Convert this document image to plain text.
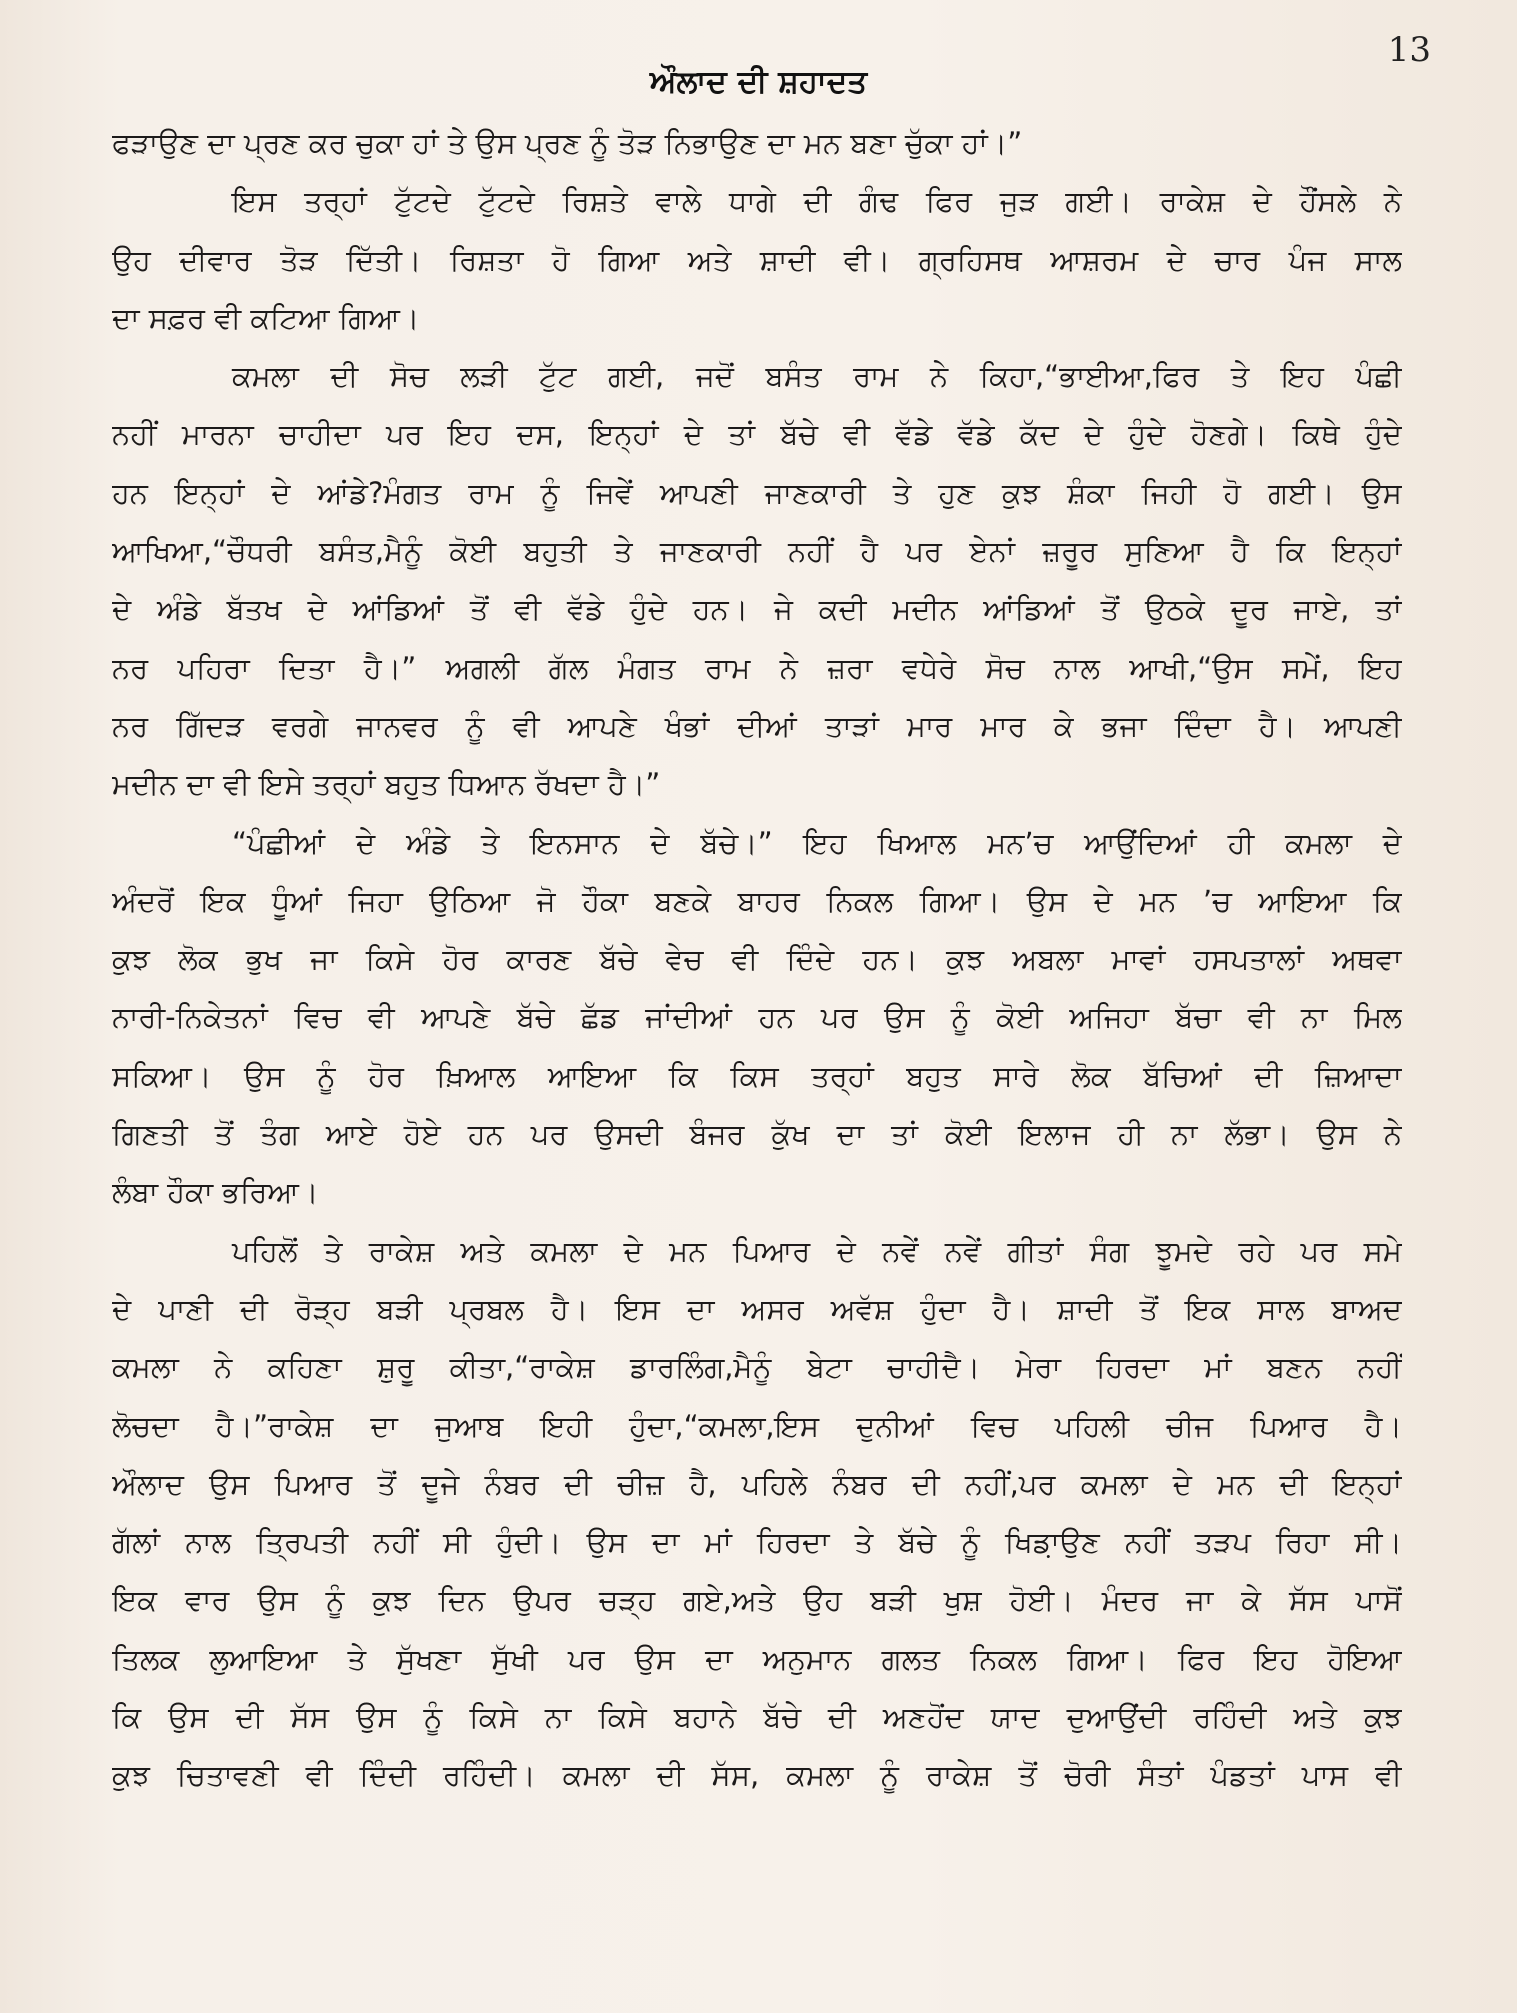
13
ਔਲਾਦ ਦੀ ਸ਼ਹਾਦਤ
ਫੜਾਉਣ ਦਾ ਪ੍ਰਣ ਕਰ ਚੁਕਾ ਹਾਂ ਤੇ ਉਸ ਪ੍ਰਣ ਨੂੰ ਤੋੜ ਨਿਭਾਉਣ ਦਾ ਮਨ ਬਣਾ ਚੁੱਕਾ ਹਾਂ।”
ਇਸ ਤਰ੍ਹਾਂ ਟੁੱਟਦੇ ਟੁੱਟਦੇ ਰਿਸ਼ਤੇ ਵਾਲੇ ਧਾਗੇ ਦੀ ਗੰਢ ਫਿਰ ਜੁੜ ਗਈ। ਰਾਕੇਸ਼ ਦੇ ਹੌਂਸਲੇ ਨੇ
ਉਹ ਦੀਵਾਰ ਤੋੜ ਦਿੱਤੀ। ਰਿਸ਼ਤਾ ਹੋ ਗਿਆ ਅਤੇ ਸ਼ਾਦੀ ਵੀ। ਗ੍ਰਹਿਸਥ ਆਸ਼ਰਮ ਦੇ ਚਾਰ ਪੰਜ ਸਾਲ
ਦਾ ਸਫ਼ਰ ਵੀ ਕਟਿਆ ਗਿਆ।
ਕਮਲਾ ਦੀ ਸੋਚ ਲੜੀ ਟੁੱਟ ਗਈ, ਜਦੋਂ ਬਸੰਤ ਰਾਮ ਨੇ ਕਿਹਾ,“ਭਾਈਆ,ਫਿਰ ਤੇ ਇਹ ਪੰਛੀ
ਨਹੀਂ ਮਾਰਨਾ ਚਾਹੀਦਾ ਪਰ ਇਹ ਦਸ, ਇਨ੍ਹਾਂ ਦੇ ਤਾਂ ਬੱਚੇ ਵੀ ਵੱਡੇ ਵੱਡੇ ਕੱਦ ਦੇ ਹੁੰਦੇ ਹੋਣਗੇ। ਕਿਥੇ ਹੁੰਦੇ
ਹਨ ਇਨ੍ਹਾਂ ਦੇ ਆਂਡੇ?ਮੰਗਤ ਰਾਮ ਨੂੰ ਜਿਵੇਂ ਆਪਣੀ ਜਾਣਕਾਰੀ ਤੇ ਹੁਣ ਕੁਝ ਸ਼ੰਕਾ ਜਿਹੀ ਹੋ ਗਈ। ਉਸ
ਆਖਿਆ,“ਚੌਧਰੀ ਬਸੰਤ,ਮੈਨੂੰ ਕੋਈ ਬਹੁਤੀ ਤੇ ਜਾਣਕਾਰੀ ਨਹੀਂ ਹੈ ਪਰ ਏਨਾਂ ਜ਼ਰੂਰ ਸੁਣਿਆ ਹੈ ਕਿ ਇਨ੍ਹਾਂ
ਦੇ ਅੰਡੇ ਬੱਤਖ ਦੇ ਆਂਡਿਆਂ ਤੋਂ ਵੀ ਵੱਡੇ ਹੁੰਦੇ ਹਨ। ਜੇ ਕਦੀ ਮਦੀਨ ਆਂਡਿਆਂ ਤੋਂ ਉਠਕੇ ਦੂਰ ਜਾਏ, ਤਾਂ
ਨਰ ਪਹਿਰਾ ਦਿਤਾ ਹੈ।” ਅਗਲੀ ਗੱਲ ਮੰਗਤ ਰਾਮ ਨੇ ਜ਼ਰਾ ਵਧੇਰੇ ਸੋਚ ਨਾਲ ਆਖੀ,“ਉਸ ਸਮੇਂ, ਇਹ
ਨਰ ਗਿੱਦੜ ਵਰਗੇ ਜਾਨਵਰ ਨੂੰ ਵੀ ਆਪਣੇ ਖੰਭਾਂ ਦੀਆਂ ਤਾੜਾਂ ਮਾਰ ਮਾਰ ਕੇ ਭਜਾ ਦਿੰਦਾ ਹੈ। ਆਪਣੀ
ਮਦੀਨ ਦਾ ਵੀ ਇਸੇ ਤਰ੍ਹਾਂ ਬਹੁਤ ਧਿਆਨ ਰੱਖਦਾ ਹੈ।”
“ਪੰਛੀਆਂ ਦੇ ਅੰਡੇ ਤੇ ਇਨਸਾਨ ਦੇ ਬੱਚੇ।” ਇਹ ਖਿਆਲ ਮਨ’ਚ ਆਉਂਦਿਆਂ ਹੀ ਕਮਲਾ ਦੇ
ਅੰਦਰੋਂ ਇਕ ਧੂੰਆਂ ਜਿਹਾ ਉਠਿਆ ਜੋ ਹੌਕਾ ਬਣਕੇ ਬਾਹਰ ਨਿਕਲ ਗਿਆ। ਉਸ ਦੇ ਮਨ ’ਚ ਆਇਆ ਕਿ
ਕੁਝ ਲੋਕ ਭੁਖ ਜਾ ਕਿਸੇ ਹੋਰ ਕਾਰਣ ਬੱਚੇ ਵੇਚ ਵੀ ਦਿੰਦੇ ਹਨ। ਕੁਝ ਅਬਲਾ ਮਾਵਾਂ ਹਸਪਤਾਲਾਂ ਅਥਵਾ
ਨਾਰੀ-ਨਿਕੇਤਨਾਂ ਵਿਚ ਵੀ ਆਪਣੇ ਬੱਚੇ ਛੱਡ ਜਾਂਦੀਆਂ ਹਨ ਪਰ ਉਸ ਨੂੰ ਕੋਈ ਅਜਿਹਾ ਬੱਚਾ ਵੀ ਨਾ ਮਿਲ
ਸਕਿਆ। ਉਸ ਨੂੰ ਹੋਰ ਖ਼ਿਆਲ ਆਇਆ ਕਿ ਕਿਸ ਤਰ੍ਹਾਂ ਬਹੁਤ ਸਾਰੇ ਲੋਕ ਬੱਚਿਆਂ ਦੀ ਜ਼ਿਆਦਾ
ਗਿਣਤੀ ਤੋਂ ਤੰਗ ਆਏ ਹੋਏ ਹਨ ਪਰ ਉਸਦੀ ਬੰਜਰ ਕੁੱਖ ਦਾ ਤਾਂ ਕੋਈ ਇਲਾਜ ਹੀ ਨਾ ਲੱਭਾ। ਉਸ ਨੇ
ਲੰਬਾ ਹੌਕਾ ਭਰਿਆ।
ਪਹਿਲੋਂ ਤੇ ਰਾਕੇਸ਼ ਅਤੇ ਕਮਲਾ ਦੇ ਮਨ ਪਿਆਰ ਦੇ ਨਵੇਂ ਨਵੇਂ ਗੀਤਾਂ ਸੰਗ ਝੂਮਦੇ ਰਹੇ ਪਰ ਸਮੇ
ਦੇ ਪਾਣੀ ਦੀ ਰੋੜ੍ਹ ਬੜੀ ਪ੍ਰਬਲ ਹੈ। ਇਸ ਦਾ ਅਸਰ ਅਵੱਸ਼ ਹੁੰਦਾ ਹੈ। ਸ਼ਾਦੀ ਤੋਂ ਇਕ ਸਾਲ ਬਾਅਦ
ਕਮਲਾ ਨੇ ਕਹਿਣਾ ਸ਼ੁਰੂ ਕੀਤਾ,“ਰਾਕੇਸ਼ ਡਾਰਲਿੰਗ,ਮੈਨੂੰ ਬੇਟਾ ਚਾਹੀਦੈ। ਮੇਰਾ ਹਿਰਦਾ ਮਾਂ ਬਣਨ ਨਹੀਂ
ਲੋਚਦਾ ਹੈ।”ਰਾਕੇਸ਼ ਦਾ ਜੁਆਬ ਇਹੀ ਹੁੰਦਾ,“ਕਮਲਾ,ਇਸ ਦੁਨੀਆਂ ਵਿਚ ਪਹਿਲੀ ਚੀਜ ਪਿਆਰ ਹੈ।
ਔਲਾਦ ਉਸ ਪਿਆਰ ਤੋਂ ਦੂਜੇ ਨੰਬਰ ਦੀ ਚੀਜ਼ ਹੈ, ਪਹਿਲੇ ਨੰਬਰ ਦੀ ਨਹੀਂ,ਪਰ ਕਮਲਾ ਦੇ ਮਨ ਦੀ ਇਨ੍ਹਾਂ
ਗੱਲਾਂ ਨਾਲ ਤ੍ਰਿਪਤੀ ਨਹੀਂ ਸੀ ਹੁੰਦੀ। ਉਸ ਦਾ ਮਾਂ ਹਿਰਦਾ ਤੇ ਬੱਚੇ ਨੂੰ ਖਿਡ਼ਾਉਣ ਨਹੀਂ ਤੜਪ ਰਿਹਾ ਸੀ।
ਇਕ ਵਾਰ ਉਸ ਨੂੰ ਕੁਝ ਦਿਨ ਉਪਰ ਚੜ੍ਹ ਗਏ,ਅਤੇ ਉਹ ਬੜੀ ਖੁਸ਼ ਹੋਈ। ਮੰਦਰ ਜਾ ਕੇ ਸੱਸ ਪਾਸੋਂ
ਤਿਲਕ ਲੁਆਇਆ ਤੇ ਸੁੱਖਣਾ ਸੁੱਖੀ ਪਰ ਉਸ ਦਾ ਅਨੁਮਾਨ ਗਲਤ ਨਿਕਲ ਗਿਆ। ਫਿਰ ਇਹ ਹੋਇਆ
ਕਿ ਉਸ ਦੀ ਸੱਸ ਉਸ ਨੂੰ ਕਿਸੇ ਨਾ ਕਿਸੇ ਬਹਾਨੇ ਬੱਚੇ ਦੀ ਅਣਹੋਂਦ ਯਾਦ ਦੁਆਉਂਦੀ ਰਹਿੰਦੀ ਅਤੇ ਕੁਝ
ਕੁਝ ਚਿਤਾਵਣੀ ਵੀ ਦਿੰਦੀ ਰਹਿੰਦੀ। ਕਮਲਾ ਦੀ ਸੱਸ, ਕਮਲਾ ਨੂੰ ਰਾਕੇਸ਼ ਤੋਂ ਚੋਰੀ ਸੰਤਾਂ ਪੰਡਤਾਂ ਪਾਸ ਵੀ
